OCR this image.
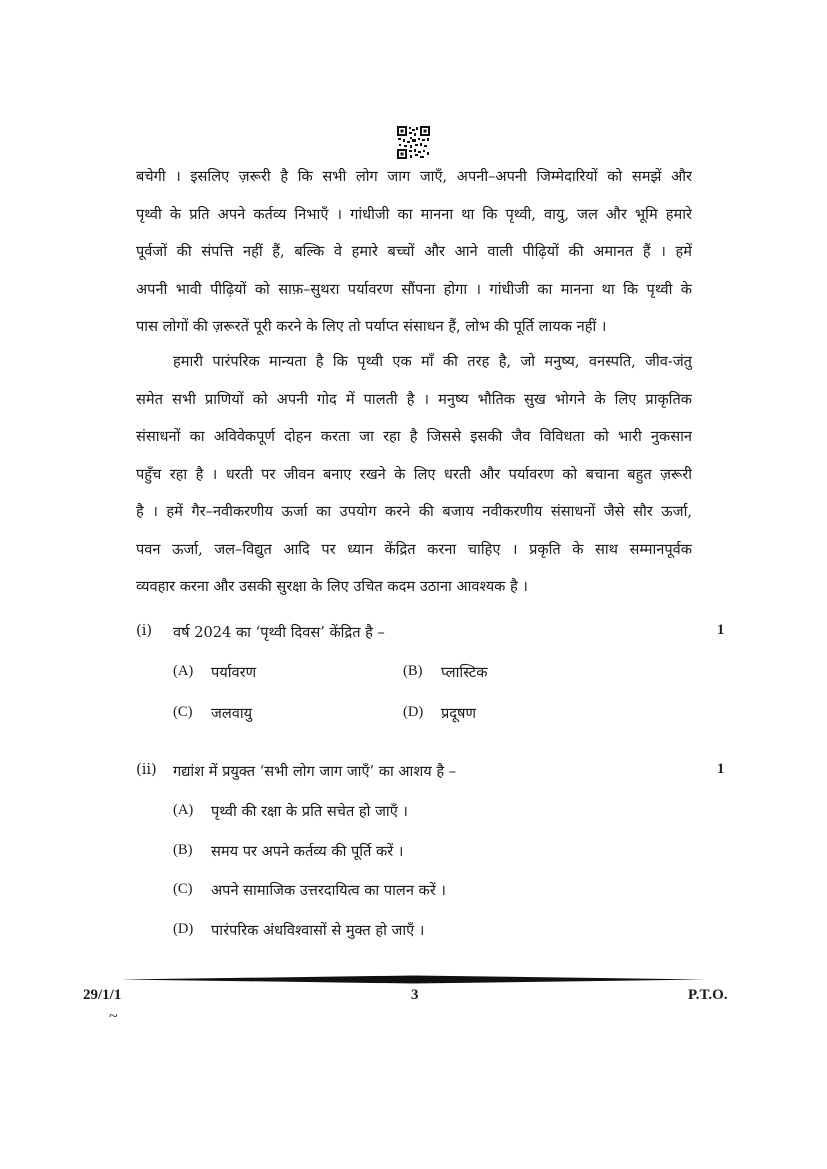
बचेगी । इसलिए ज़रूरी है कि सभी लोग जाग जाएँ, अपनी–अपनी जिम्मेदारियों को समझें और
पृथ्वी के प्रति अपने कर्तव्य निभाएँ । गांधीजी का मानना था कि पृथ्वी, वायु, जल और भूमि हमारे
पूर्वजों की संपत्ति नहीं हैं, बल्कि वे हमारे बच्चों और आने वाली पीढ़ियों की अमानत हैं । हमें
अपनी भावी पीढ़ियों को साफ़–सुथरा पर्यावरण सौंपना होगा । गांधीजी का मानना था कि पृथ्वी के
पास लोगों की ज़रूरतें पूरी करने के लिए तो पर्याप्त संसाधन हैं, लोभ की पूर्ति लायक नहीं ।
हमारी पारंपरिक मान्यता है कि पृथ्वी एक माँ की तरह है, जो मनुष्य, वनस्पति, जीव-जंतु
समेत सभी प्राणियों को अपनी गोद में पालती है । मनुष्य भौतिक सुख भोगने के लिए प्राकृतिक
संसाधनों का अविवेकपूर्ण दोहन करता जा रहा है जिससे इसकी जैव विविधता को भारी नुकसान
पहुँच रहा है । धरती पर जीवन बनाए रखने के लिए धरती और पर्यावरण को बचाना बहुत ज़रूरी
है । हमें गैर–नवीकरणीय ऊर्जा का उपयोग करने की बजाय नवीकरणीय संसाधनों जैसे सौर ऊर्जा,
पवन ऊर्जा, जल–विद्युत आदि पर ध्यान केंद्रित करना चाहिए । प्रकृति के साथ सम्मानपूर्वक
व्यवहार करना और उसकी सुरक्षा के लिए उचित कदम उठाना आवश्यक है ।
(i) वर्ष 2024 का ‘पृथ्वी दिवस’ केंद्रित है –	1
(A) पर्यावरण	(B) प्लास्टिक
(C) जलवायु	(D) प्रदूषण
(ii) गद्यांश में प्रयुक्त ‘सभी लोग जाग जाएँ’ का आशय है –	1
(A) पृथ्वी की रक्षा के प्रति सचेत हो जाएँ ।
(B) समय पर अपने कर्तव्य की पूर्ति करें ।
(C) अपने सामाजिक उत्तरदायित्व का पालन करें ।
(D) पारंपरिक अंधविश्वासों से मुक्त हो जाएँ ।
29/1/1	3	P.T.O.
~
